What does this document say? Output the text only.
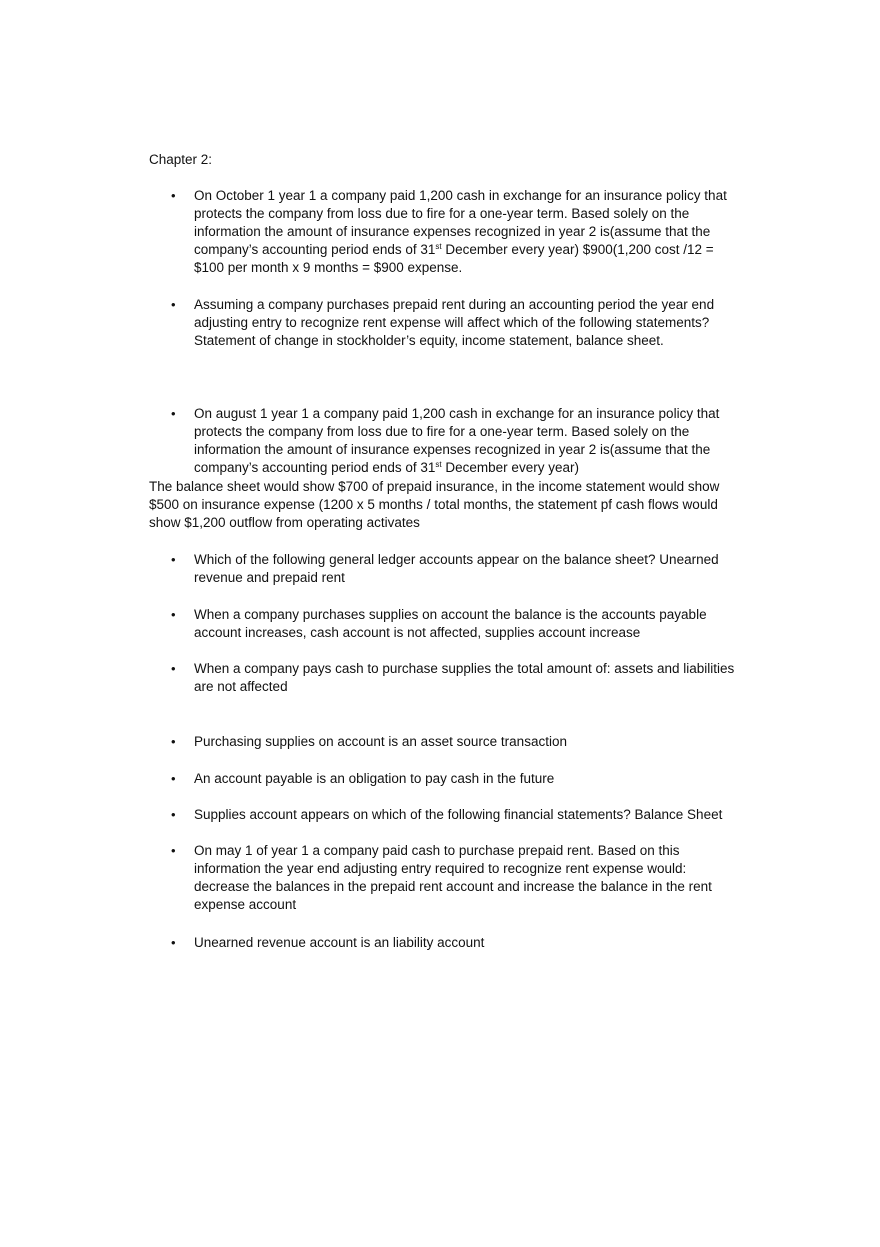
Chapter 2:

• On October 1 year 1 a company paid 1,200 cash in exchange for an insurance policy that protects the company from loss due to fire for a one-year term. Based solely on the information the amount of insurance expenses recognized in year 2 is(assume that the company’s accounting period ends of 31st December every year) $900(1,200 cost /12 = $100 per month x 9 months = $900 expense.

• Assuming a company purchases prepaid rent during an accounting period the year end adjusting entry to recognize rent expense will affect which of the following statements? Statement of change in stockholder’s equity, income statement, balance sheet.

• On august 1 year 1 a company paid 1,200 cash in exchange for an insurance policy that protects the company from loss due to fire for a one-year term. Based solely on the information the amount of insurance expenses recognized in year 2 is(assume that the company’s accounting period ends of 31st December every year)

The balance sheet would show $700 of prepaid insurance, in the income statement would show $500 on insurance expense (1200 x 5 months / total months, the statement pf cash flows would show $1,200 outflow from operating activates

• Which of the following general ledger accounts appear on the balance sheet? Unearned revenue and prepaid rent

• When a company purchases supplies on account the balance is the accounts payable account increases, cash account is not affected, supplies account increase

• When a company pays cash to purchase supplies the total amount of: assets and liabilities are not affected

• Purchasing supplies on account is an asset source transaction

• An account payable is an obligation to pay cash in the future

• Supplies account appears on which of the following financial statements? Balance Sheet

• On may 1 of year 1 a company paid cash to purchase prepaid rent. Based on this information the year end adjusting entry required to recognize rent expense would: decrease the balances in the prepaid rent account and increase the balance in the rent expense account

• Unearned revenue account is an liability account
